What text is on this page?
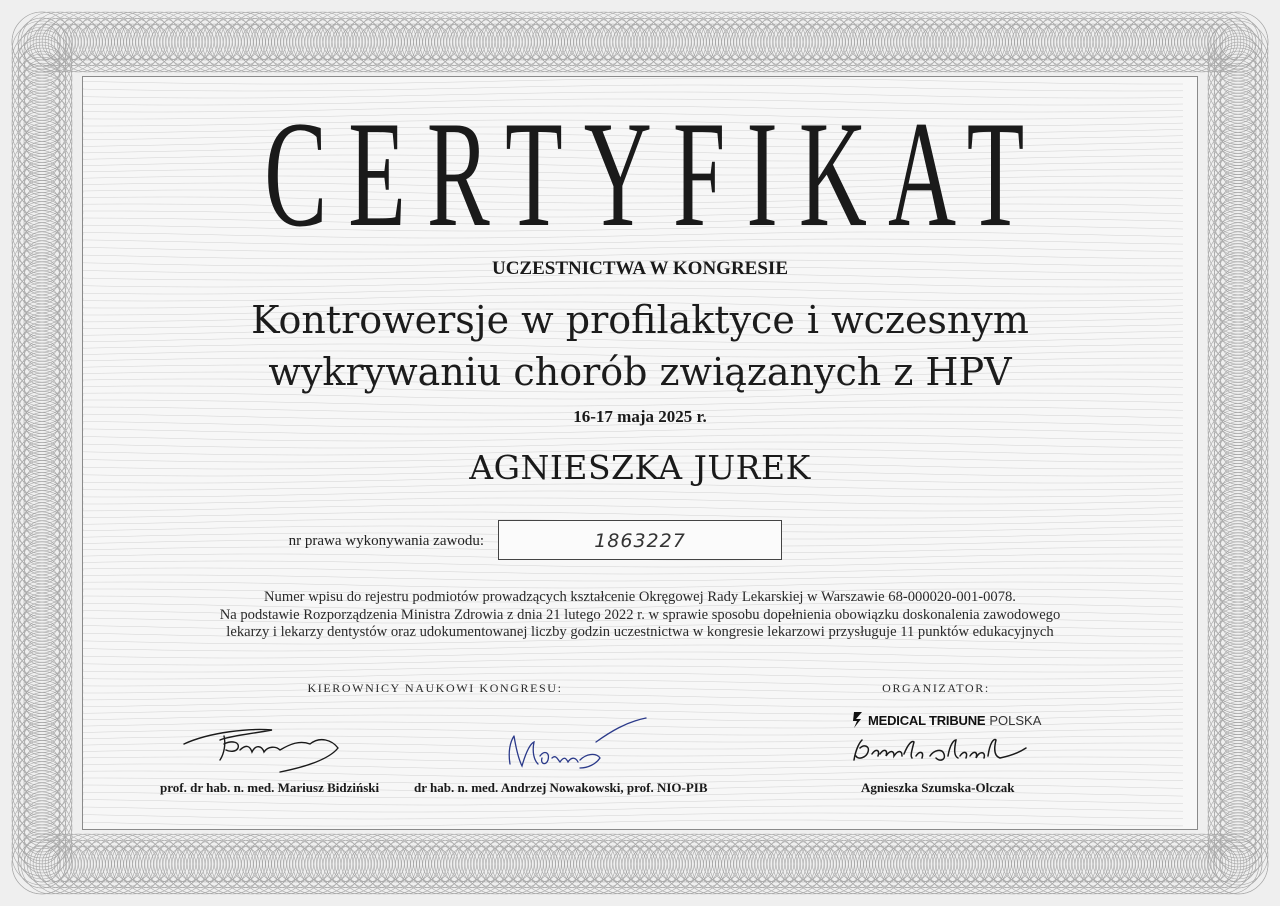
CERTYFIKAT
UCZESTNICTWA W KONGRESIE
Kontrowersje w profilaktyce i wczesnym
wykrywaniu chorób związanych z HPV
16-17 maja 2025 r.
AGNIESZKA JUREK
nr prawa wykonywania zawodu:	1863227
Numer wpisu do rejestru podmiotów prowadzących kształcenie Okręgowej Rady Lekarskiej w Warszawie 68-000020-001-0078.
Na podstawie Rozporządzenia Ministra Zdrowia z dnia 21 lutego 2022 r. w sprawie sposobu dopełnienia obowiązku doskonalenia zawodowego
lekarzy i lekarzy dentystów oraz udokumentowanej liczby godzin uczestnictwa w kongresie lekarzowi przysługuje 11 punktów edukacyjnych
KIEROWNICY NAUKOWI KONGRESU:	ORGANIZATOR:
MEDICAL TRIBUNE POLSKA
prof. dr hab. n. med. Mariusz Bidziński	dr hab. n. med. Andrzej Nowakowski, prof. NIO-PIB	Agnieszka Szumska-Olczak
